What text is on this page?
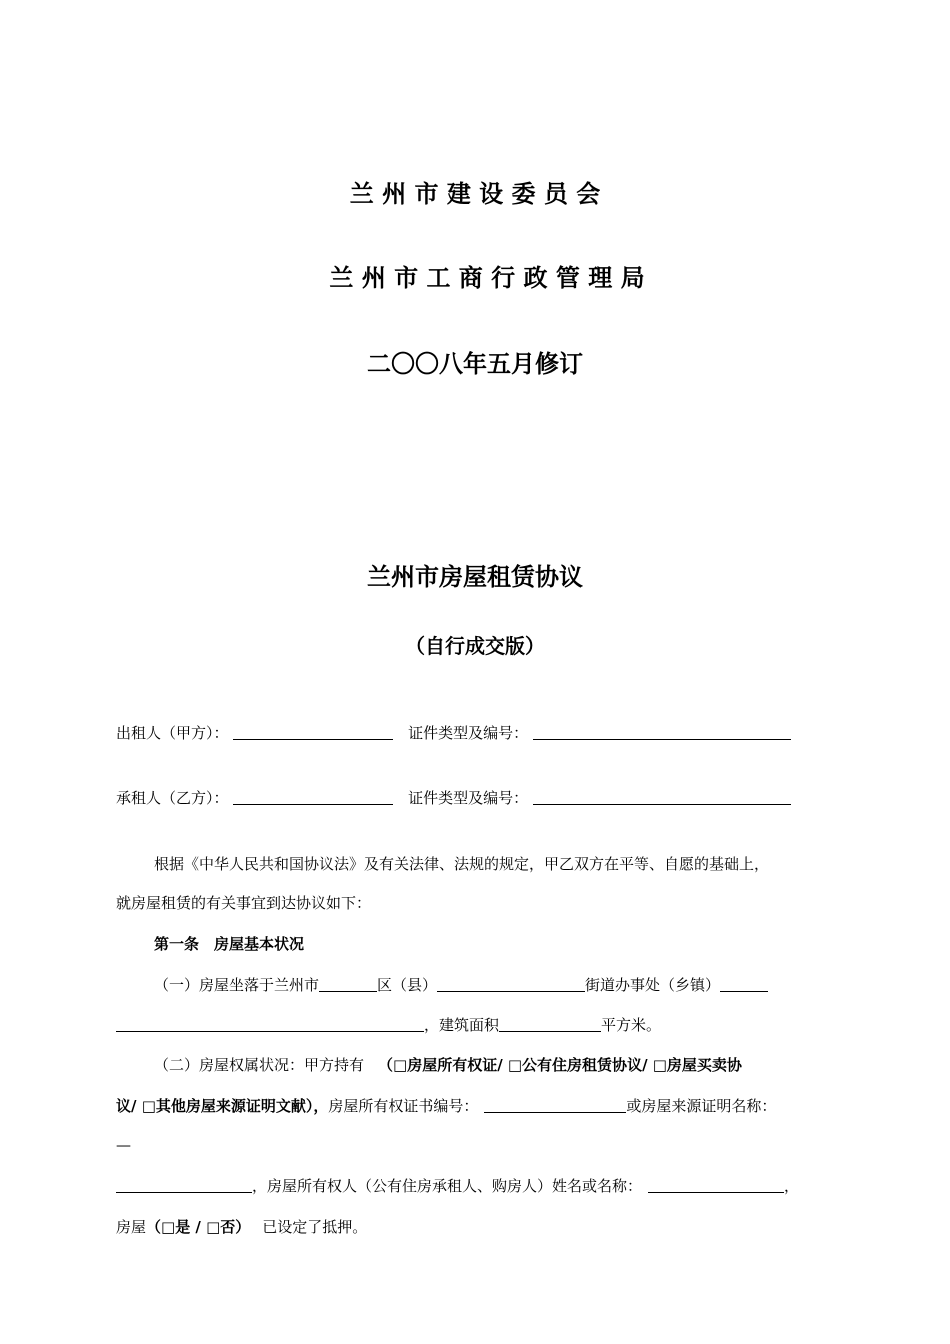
兰 州 市 建 设 委 员 会
兰 州 市 工 商 行 政 管 理 局
二〇〇八年五月修订
兰州市房屋租赁协议
（自行成交版）
出租人（甲方）：	证件类型及编号：
承租人（乙方）：	证件类型及编号：
根据《中华人民共和国协议法》及有关法律、法规的规定，甲乙双方在平等、自愿的基础上，
就房屋租赁的有关事宜到达协议如下：
第一条　房屋基本状况
（一）房屋坐落于兰州市	区（县）	街道办事处（乡镇）
，建筑面积	平方米。
（二）房屋权属状况：甲方持有 （□房屋所有权证/ □公有住房租赁协议/ □房屋买卖协
议/ □其他房屋来源证明文献），房屋所有权证书编号：	或房屋来源证明名称：
—
，房屋所有权人（公有住房承租人、购房人）姓名或名称：	，
房屋（□是 / □否） 已设定了抵押。
